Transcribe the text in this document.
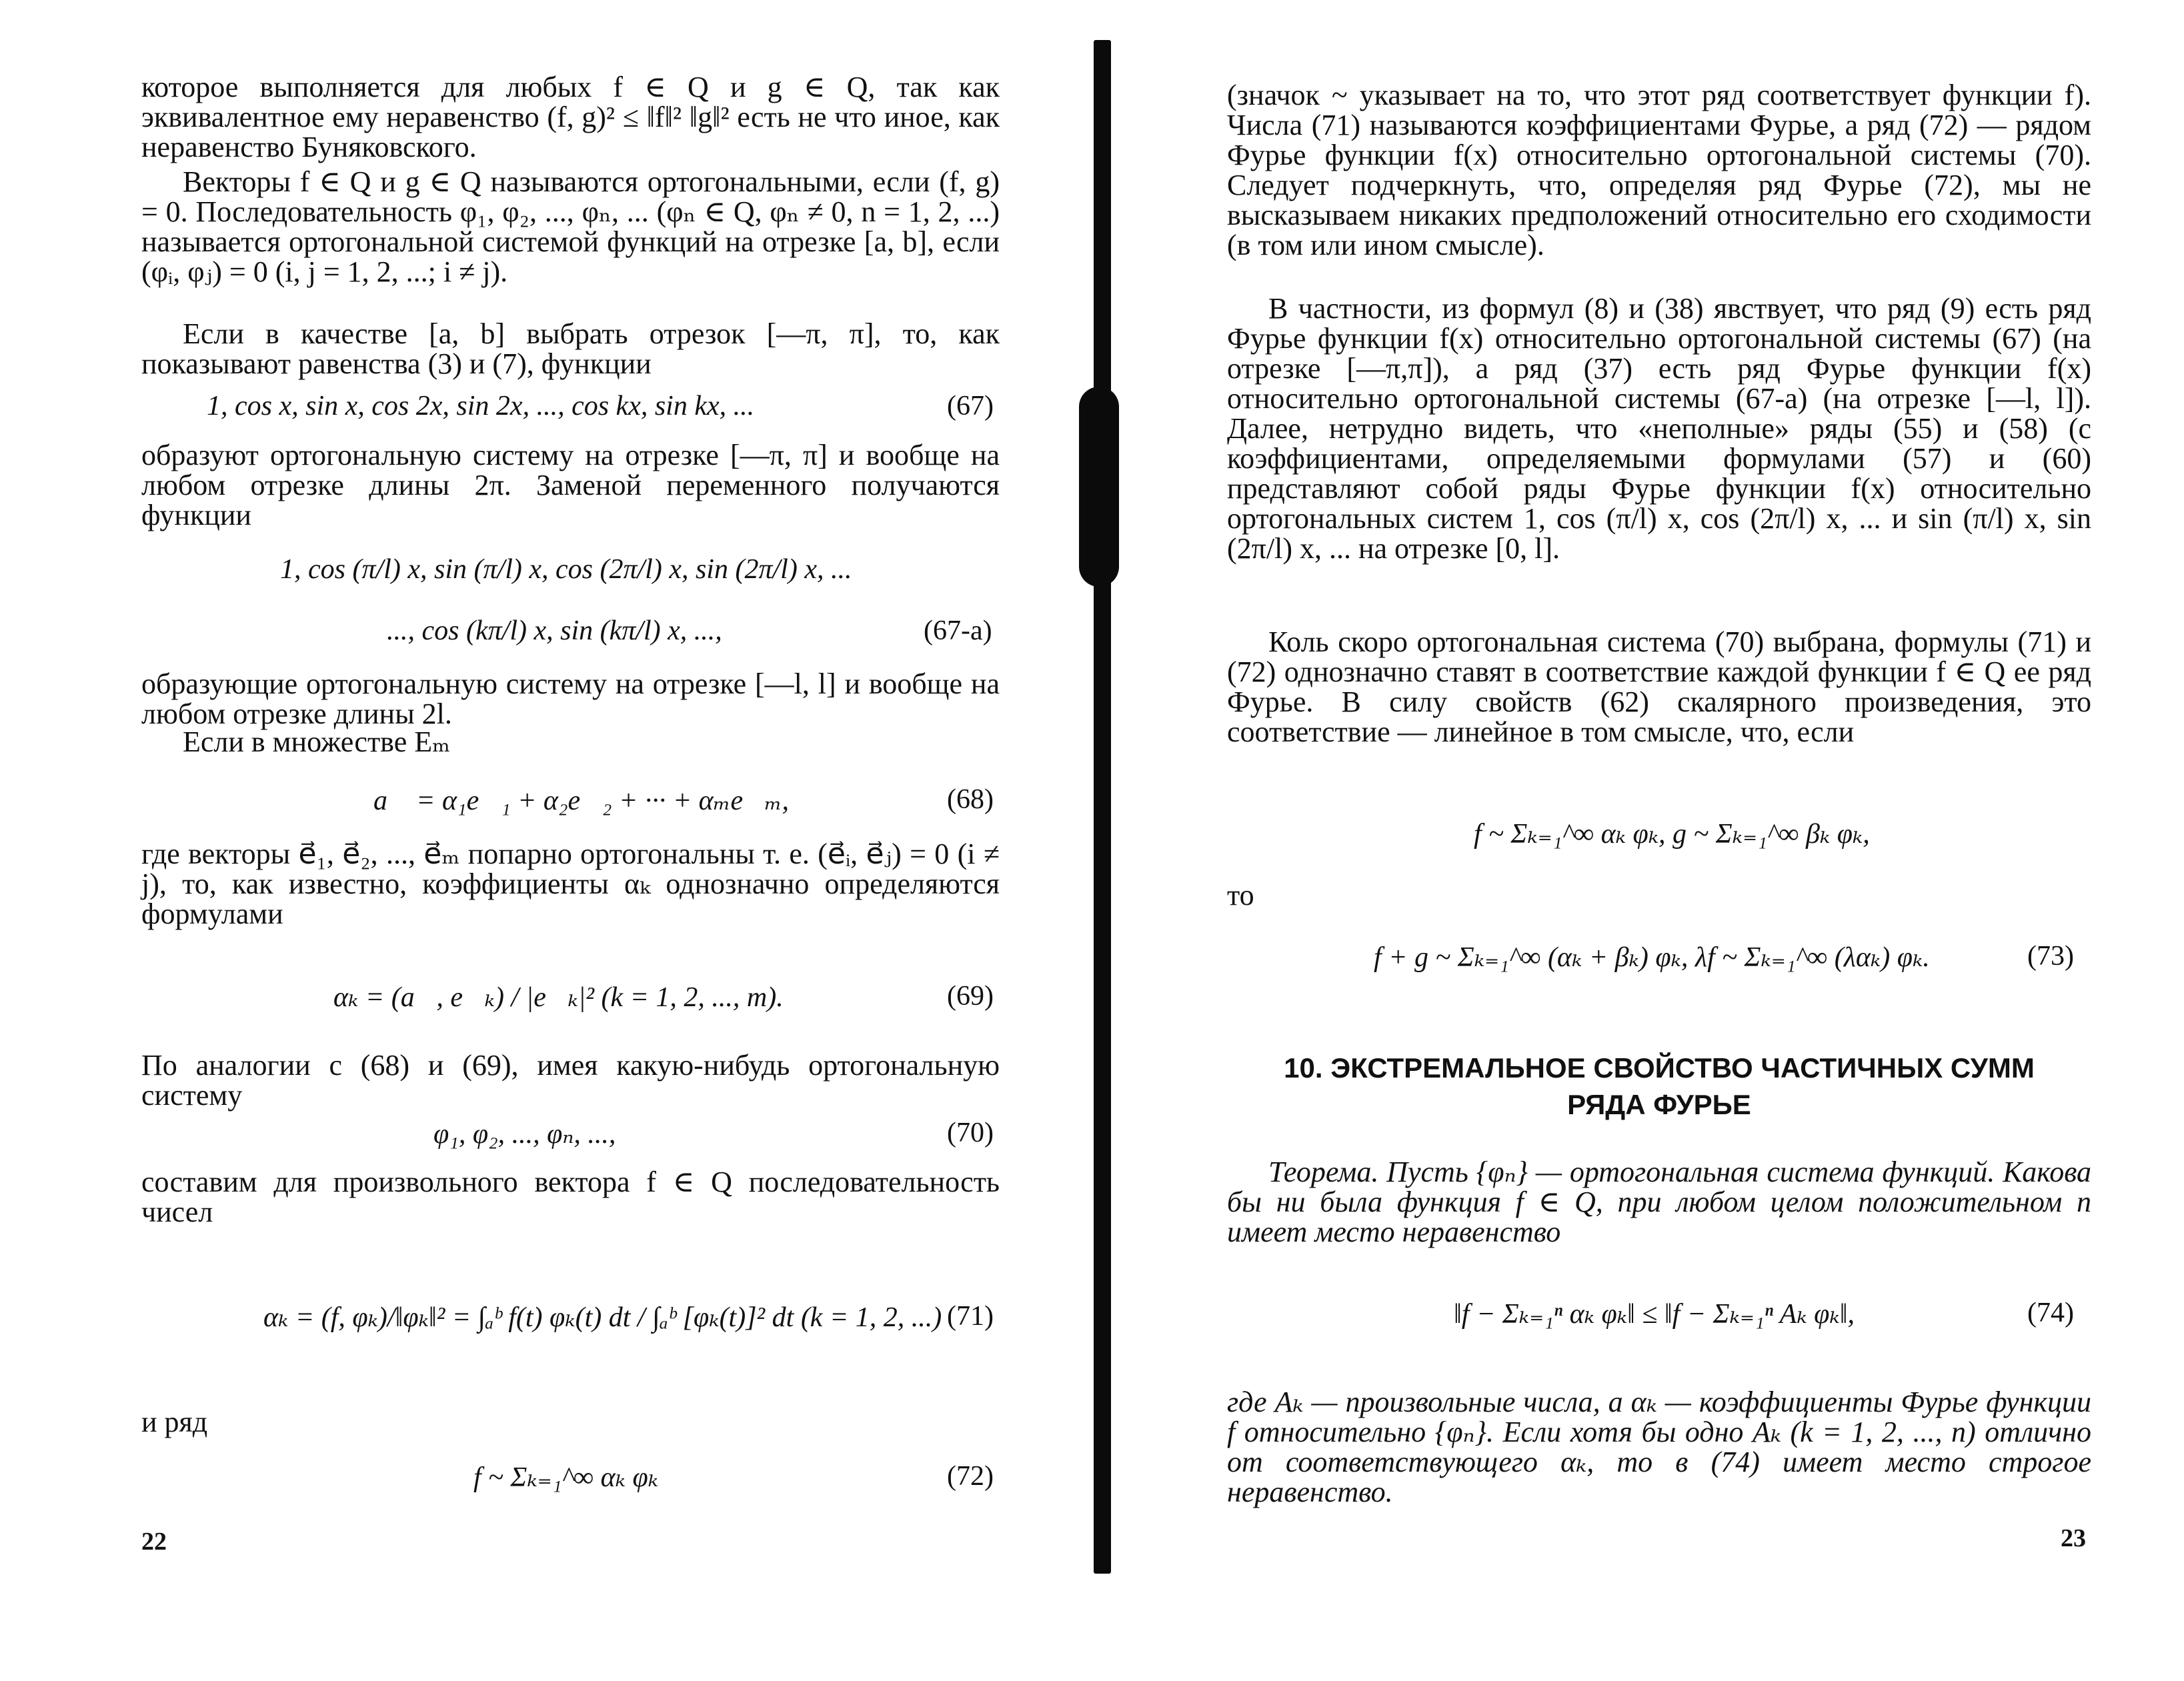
которое выполняется для любых f ∈ Q и g ∈ Q, так как эквивалентное ему неравенство (f, g)² ≤ ‖f‖² ‖g‖² есть не что иное, как неравенство Буняковского.
Векторы f ∈ Q и g ∈ Q называются ортогональными, если (f, g) = 0. Последовательность φ₁, φ₂, ..., φₙ, ... (φₙ ∈ Q, φₙ ≠ 0, n = 1, 2, ...) называется ортогональной системой функций на отрезке [a, b], если (φᵢ, φⱼ) = 0 (i, j = 1, 2, ...; i ≠ j).
Если в качестве [a, b] выбрать отрезок [—π, π], то, как показывают равенства (3) и (7), функции
1, cos x, sin x, cos 2x, sin 2x, ..., cos kx, sin kx, ...	(67)
образуют ортогональную систему на отрезке [—π, π] и вообще на любом отрезке длины 2π. Заменой переменного получаются функции
1, cos (π/l) x, sin (π/l) x, cos (2π/l) x, sin (2π/l) x, ...
..., cos (kπ/l) x, sin (kπ/l) x, ...,	(67-а)
образующие ортогональную систему на отрезке [—l, l] и вообще на любом отрезке длины 2l.
Если в множестве Eₘ
a⃗ = α₁e⃗₁ + α₂e⃗₂ + ··· + αₘe⃗ₘ,	(68)
где векторы e⃗₁, e⃗₂, ..., e⃗ₘ попарно ортогональны т. е. (e⃗ᵢ, e⃗ⱼ) = 0 (i ≠ j), то, как известно, коэффициенты αₖ однозначно определяются формулами
αₖ = (a⃗, e⃗ₖ) / |e⃗ₖ|² (k = 1, 2, ..., m).	(69)
По аналогии с (68) и (69), имея какую-нибудь ортогональную систему
φ₁, φ₂, ..., φₙ, ...,	(70)
составим для произвольного вектора f ∈ Q последовательность чисел
αₖ = (f, φₖ)/‖φₖ‖² = ∫ₐᵇ f(t) φₖ(t) dt / ∫ₐᵇ [φₖ(t)]² dt (k = 1, 2, ...) (71)
и ряд
f ~ Σₖ₌₁^∞ αₖ φₖ	(72)
22
(значок ~ указывает на то, что этот ряд соответствует функции f). Числа (71) называются коэффициентами Фурье, а ряд (72) — рядом Фурье функции f(x) относительно ортогональной системы (70). Следует подчеркнуть, что, определяя ряд Фурье (72), мы не высказываем никаких предположений относительно его сходимости (в том или ином смысле).
В частности, из формул (8) и (38) явствует, что ряд (9) есть ряд Фурье функции f(x) относительно ортогональной системы (67) (на отрезке [—π,π]), а ряд (37) есть ряд Фурье функции f(x) относительно ортогональной системы (67-а) (на отрезке [—l, l]). Далее, нетрудно видеть, что «неполные» ряды (55) и (58) (с коэффициентами, определяемыми формулами (57) и (60) представляют собой ряды Фурье функции f(x) относительно ортогональных систем 1, cos (π/l) x, cos (2π/l) x, ... и sin (π/l) x, sin (2π/l) x, ... на отрезке [0, l].
Коль скоро ортогональная система (70) выбрана, формулы (71) и (72) однозначно ставят в соответствие каждой функции f ∈ Q ее ряд Фурье. В силу свойств (62) скалярного произведения, это соответствие — линейное в том смысле, что, если
f ~ Σₖ₌₁^∞ αₖ φₖ, g ~ Σₖ₌₁^∞ βₖ φₖ,
то
f + g ~ Σₖ₌₁^∞ (αₖ + βₖ) φₖ, λf ~ Σₖ₌₁^∞ (λαₖ) φₖ.	(73)
10. ЭКСТРЕМАЛЬНОЕ СВОЙСТВО ЧАСТИЧНЫХ СУММ
РЯДА ФУРЬЕ
Теорема. Пусть {φₙ} — ортогональная система функций. Какова бы ни была функция f ∈ Q, при любом целом положительном n имеет место неравенство
‖f − Σₖ₌₁ⁿ αₖ φₖ‖ ≤ ‖f − Σₖ₌₁ⁿ Aₖ φₖ‖,	(74)
где Aₖ — произвольные числа, а αₖ — коэффициенты Фурье функции f относительно {φₙ}. Если хотя бы одно Aₖ (k = 1, 2, ..., n) отлично от соответствующего αₖ, то в (74) имеет место строгое неравенство.
23
